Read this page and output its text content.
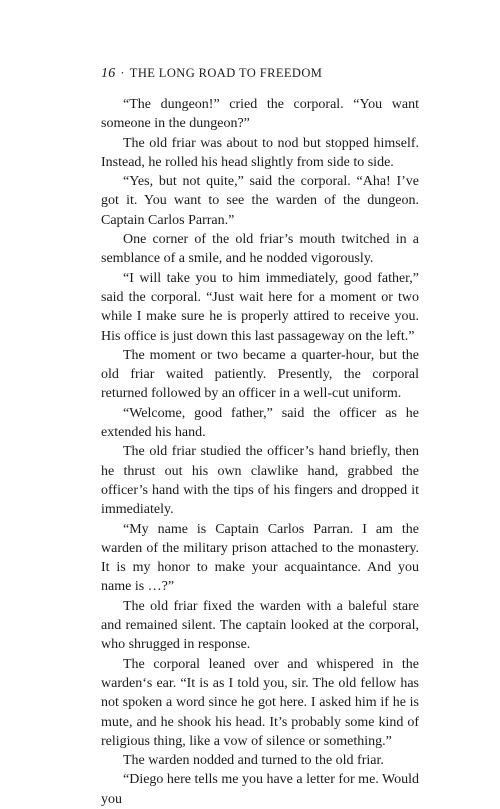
16 · THE LONG ROAD TO FREEDOM

“The dungeon!” cried the corporal. “You want someone in the dungeon?”

The old friar was about to nod but stopped himself. Instead, he rolled his head slightly from side to side.

“Yes, but not quite,” said the corporal. “Aha! I’ve got it. You want to see the warden of the dungeon. Captain Carlos Parran.”

One corner of the old friar’s mouth twitched in a semblance of a smile, and he nodded vigorously.

“I will take you to him immediately, good father,” said the corporal. “Just wait here for a moment or two while I make sure he is properly attired to receive you. His office is just down this last passageway on the left.”

The moment or two became a quarter-hour, but the old friar waited patiently. Presently, the corporal returned followed by an officer in a well-cut uniform.

“Welcome, good father,” said the officer as he extended his hand.

The old friar studied the officer’s hand briefly, then he thrust out his own clawlike hand, grabbed the officer’s hand with the tips of his fingers and dropped it immediately.

“My name is Captain Carlos Parran. I am the warden of the military prison attached to the monastery. It is my honor to make your acquaintance. And you name is …?”

The old friar fixed the warden with a baleful stare and remained silent. The captain looked at the corporal, who shrugged in response.

The corporal leaned over and whispered in the warden‘s ear. “It is as I told you, sir. The old fellow has not spoken a word since he got here. I asked him if he is mute, and he shook his head. It’s probably some kind of religious thing, like a vow of silence or something.”

The warden nodded and turned to the old friar.

“Diego here tells me you have a letter for me. Would you
